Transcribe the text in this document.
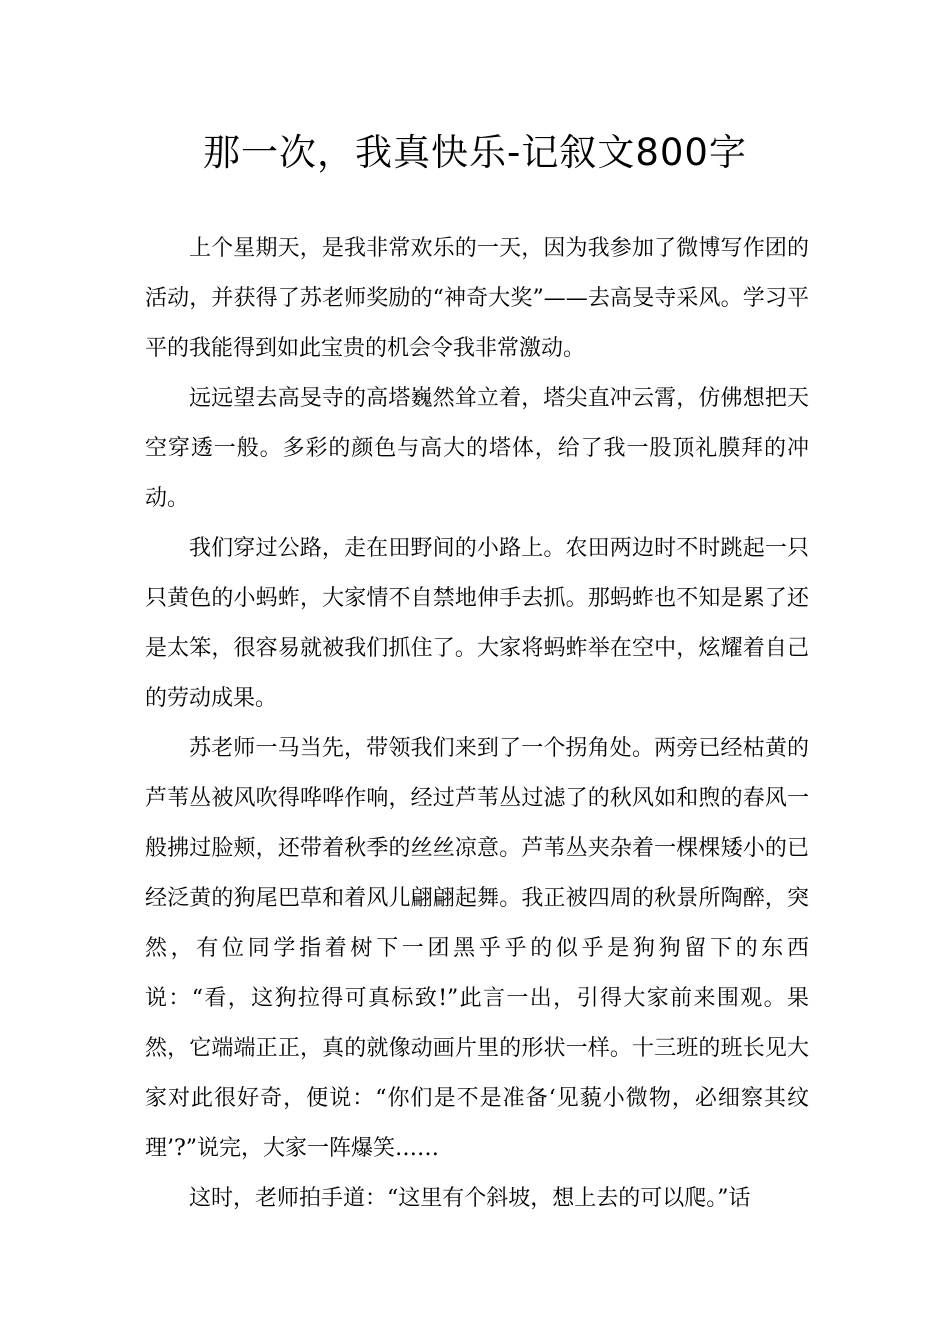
那一次，我真快乐-记叙文800字

上个星期天，是我非常欢乐的一天，因为我参加了微博写作团的活动，并获得了苏老师奖励的“神奇大奖”——去高旻寺采风。学习平平的我能得到如此宝贵的机会令我非常激动。

远远望去高旻寺的高塔巍然耸立着，塔尖直冲云霄，仿佛想把天空穿透一般。多彩的颜色与高大的塔体，给了我一股顶礼膜拜的冲动。

我们穿过公路，走在田野间的小路上。农田两边时不时跳起一只只黄色的小蚂蚱，大家情不自禁地伸手去抓。那蚂蚱也不知是累了还是太笨，很容易就被我们抓住了。大家将蚂蚱举在空中，炫耀着自己的劳动成果。

苏老师一马当先，带领我们来到了一个拐角处。两旁已经枯黄的芦苇丛被风吹得哗哗作响，经过芦苇丛过滤了的秋风如和煦的春风一般拂过脸颊，还带着秋季的丝丝凉意。芦苇丛夹杂着一棵棵矮小的已经泛黄的狗尾巴草和着风儿翩翩起舞。我正被四周的秋景所陶醉，突然，有位同学指着树下一团黑乎乎的似乎是狗狗留下的东西说：“看，这狗拉得可真标致!”此言一出，引得大家前来围观。果然，它端端正正，真的就像动画片里的形状一样。十三班的班长见大家对此很好奇，便说：“你们是不是准备‘见藐小微物，必细察其纹理’?”说完，大家一阵爆笑……

这时，老师拍手道：“这里有个斜坡，想上去的可以爬。”话
